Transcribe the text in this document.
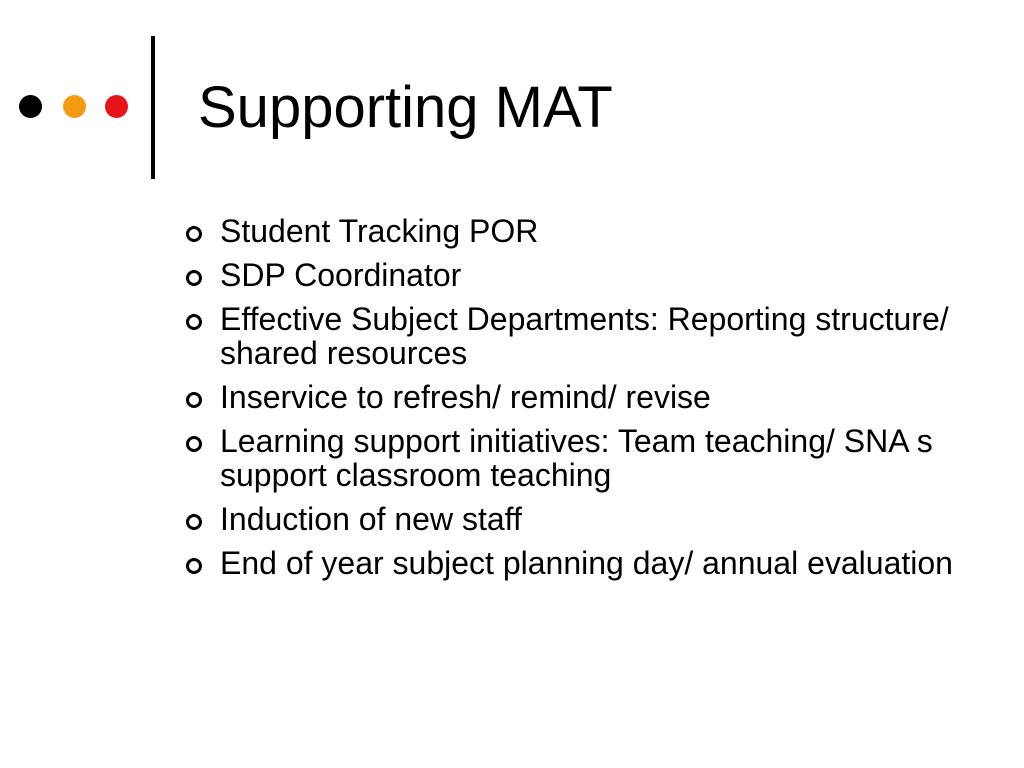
Supporting MAT
Student Tracking POR
SDP Coordinator
Effective Subject Departments: Reporting structure/ shared resources
Inservice to refresh/ remind/ revise
Learning support initiatives: Team teaching/ SNA s support classroom teaching
Induction of new staff
End of year subject planning day/ annual evaluation
